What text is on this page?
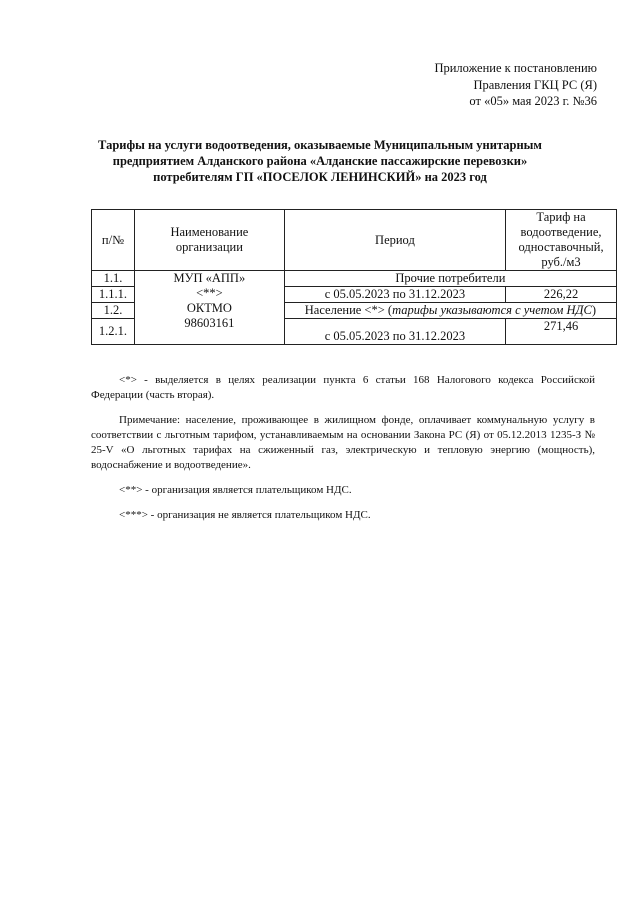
Приложение к постановлению
Правления ГКЦ РС (Я)
от «05» мая 2023 г. №36
Тарифы на услуги водоотведения, оказываемые Муниципальным унитарным
предприятием Алданского района «Алданские пассажирские перевозки»
потребителям ГП «ПОСЕЛОК ЛЕНИНСКИЙ» на 2023 год
п/№	Наименование организации	Период	Тариф на водоотведение, одноставочный, руб./м3
1.1.	МУП «АПП»
<**>
ОКТМО
98603161	Прочие потребители	
1.1.1.		с 05.05.2023 по 31.12.2023	226,22
1.2.		Население <*> (тарифы указываются с учетом НДС)	
1.2.1.		с 05.05.2023 по 31.12.2023	271,46

<*> - выделяется в целях реализации пункта 6 статьи 168 Налогового кодекса Российской Федерации (часть вторая).

Примечание: население, проживающее в жилищном фонде, оплачивает коммунальную услугу в соответствии с льготным тарифом, устанавливаемым на основании Закона РС (Я) от 05.12.2013 1235-З № 25-V «О льготных тарифах на сжиженный газ, электрическую и тепловую энергию (мощность), водоснабжение и водоотведение».

<**> - организация является плательщиком НДС.

<***> - организация не является плательщиком НДС.
